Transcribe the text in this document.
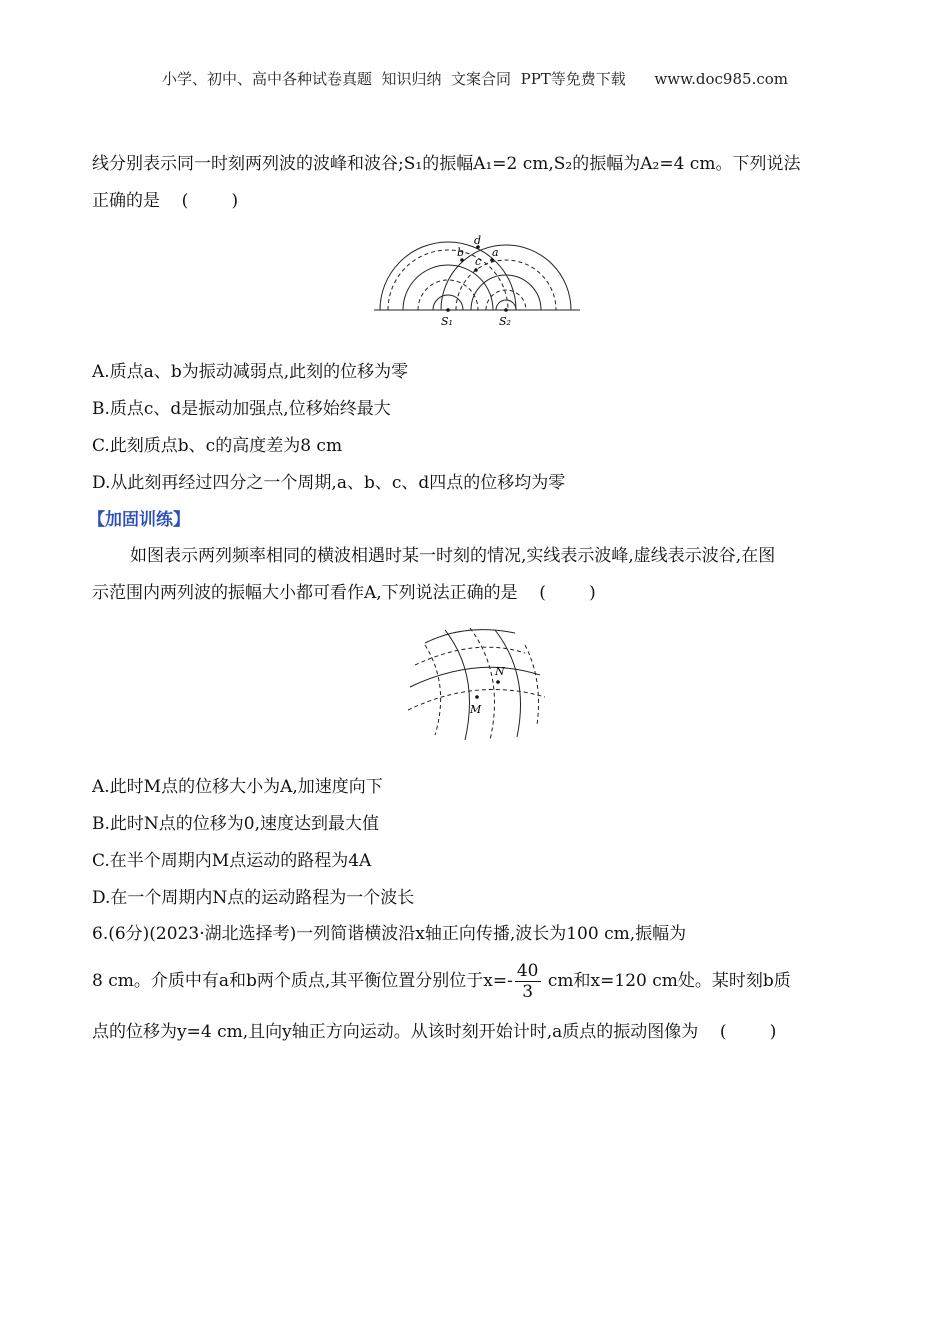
小学、初中、高中各种试卷真题  知识归纳  文案合同  PPT等免费下载      www.doc985.com
线分别表示同一时刻两列波的波峰和波谷;S₁的振幅A₁=2 cm,S₂的振幅为A₂=4 cm。下列说法
正确的是    (        )
d
b	a
c
S₁	S₂
A.质点a、b为振动减弱点,此刻的位移为零
B.质点c、d是振动加强点,位移始终最大
C.此刻质点b、c的高度差为8 cm
D.从此刻再经过四分之一个周期,a、b、c、d四点的位移均为零
【加固训练】
如图表示两列频率相同的横波相遇时某一时刻的情况,实线表示波峰,虚线表示波谷,在图
示范围内两列波的振幅大小都可看作A,下列说法正确的是    (        )
N
M
A.此时M点的位移大小为A,加速度向下
B.此时N点的位移为0,速度达到最大值
C.在半个周期内M点运动的路程为4A
D.在一个周期内N点的运动路程为一个波长
6.(6分)(2023·湖北选择考)一列简谐横波沿x轴正向传播,波长为100 cm,振幅为
8 cm。介质中有a和b两个质点,其平衡位置分别位于$x=- \frac{40}{3}$ cm和x=120 cm处。某时刻b质
点的位移为y=4 cm,且向y轴正方向运动。从该时刻开始计时,a质点的振动图像为    (        )
